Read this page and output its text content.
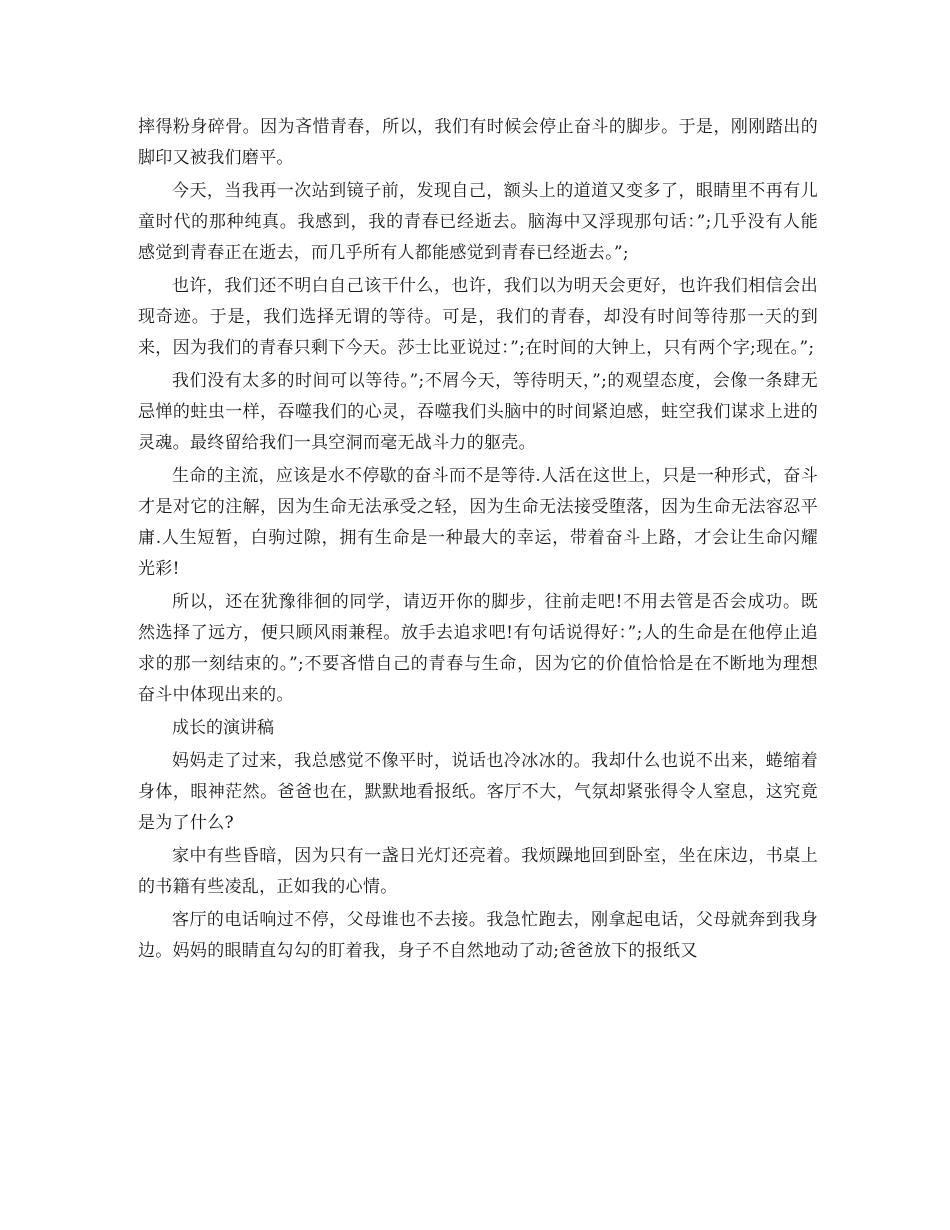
摔得粉身碎骨。因为吝惜青春，所以，我们有时候会停止奋斗的脚步。于是，刚刚踏出的脚印又被我们磨平。

今天，当我再一次站到镜子前，发现自己，额头上的道道又变多了，眼睛里不再有儿童时代的那种纯真。我感到，我的青春已经逝去。脑海中又浮现那句话：”;几乎没有人能感觉到青春正在逝去，而几乎所有人都能感觉到青春已经逝去。”;

也许，我们还不明白自己该干什么，也许，我们以为明天会更好，也许我们相信会出现奇迹。于是，我们选择无谓的等待。可是，我们的青春，却没有时间等待那一天的到来，因为我们的青春只剩下今天。莎士比亚说过：”;在时间的大钟上，只有两个字;现在。”;

我们没有太多的时间可以等待。”;不屑今天，等待明天，”;的观望态度，会像一条肆无忌惮的蛀虫一样，吞噬我们的心灵，吞噬我们头脑中的时间紧迫感，蛀空我们谋求上进的灵魂。最终留给我们一具空洞而毫无战斗力的躯壳。

生命的主流，应该是水不停歇的奋斗而不是等待.人活在这世上，只是一种形式，奋斗才是对它的注解，因为生命无法承受之轻，因为生命无法接受堕落，因为生命无法容忍平庸.人生短暂，白驹过隙，拥有生命是一种最大的幸运，带着奋斗上路，才会让生命闪耀光彩!

所以，还在犹豫徘徊的同学，请迈开你的脚步，往前走吧!不用去管是否会成功。既然选择了远方，便只顾风雨兼程。放手去追求吧!有句话说得好：”;人的生命是在他停止追求的那一刻结束的。”;不要吝惜自己的青春与生命，因为它的价值恰恰是在不断地为理想奋斗中体现出来的。

成长的演讲稿

妈妈走了过来，我总感觉不像平时，说话也冷冰冰的。我却什么也说不出来，蜷缩着身体，眼神茫然。爸爸也在，默默地看报纸。客厅不大，气氛却紧张得令人窒息，这究竟是为了什么?

家中有些昏暗，因为只有一盏日光灯还亮着。我烦躁地回到卧室，坐在床边，书桌上的书籍有些凌乱，正如我的心情。

客厅的电话响过不停，父母谁也不去接。我急忙跑去，刚拿起电话，父母就奔到我身边。妈妈的眼睛直勾勾的盯着我，身子不自然地动了动;爸爸放下的报纸又
